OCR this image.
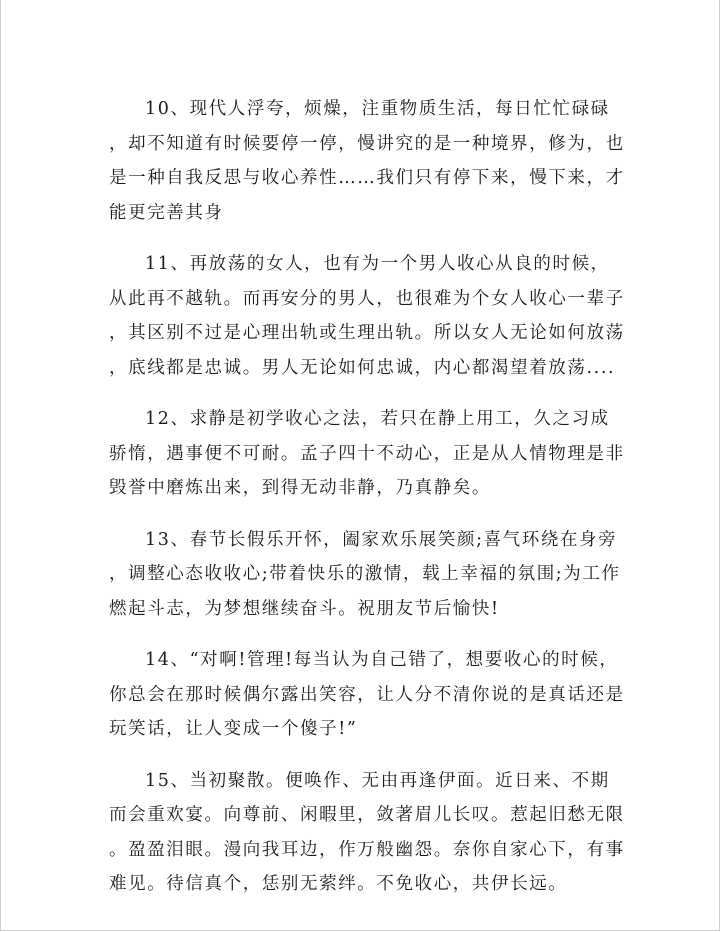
10、现代人浮夸，烦燥，注重物质生活，每日忙忙碌碌
，却不知道有时候要停一停，慢讲究的是一种境界，修为，也
是一种自我反思与收心养性……我们只有停下来，慢下来，才
能更完善其身
11、再放荡的女人，也有为一个男人收心从良的时候，
从此再不越轨。而再安分的男人，也很难为个女人收心一辈子
，其区别不过是心理出轨或生理出轨。所以女人无论如何放荡
，底线都是忠诚。男人无论如何忠诚，内心都渴望着放荡....
12、求静是初学收心之法，若只在静上用工，久之习成
骄惰，遇事便不可耐。孟子四十不动心，正是从人情物理是非
毁誉中磨炼出来，到得无动非静，乃真静矣。
13、春节长假乐开怀，阖家欢乐展笑颜;喜气环绕在身旁
，调整心态收收心;带着快乐的激情，载上幸福的氛围;为工作
燃起斗志，为梦想继续奋斗。祝朋友节后愉快!
14、“对啊!管理!每当认为自己错了，想要收心的时候，
你总会在那时候偶尔露出笑容，让人分不清你说的是真话还是
玩笑话，让人变成一个傻子!”
15、当初聚散。便唤作、无由再逢伊面。近日来、不期
而会重欢宴。向尊前、闲暇里，敛著眉儿长叹。惹起旧愁无限
。盈盈泪眼。漫向我耳边，作万般幽怨。奈你自家心下，有事
难见。待信真个，恁别无萦绊。不免收心，共伊长远。
